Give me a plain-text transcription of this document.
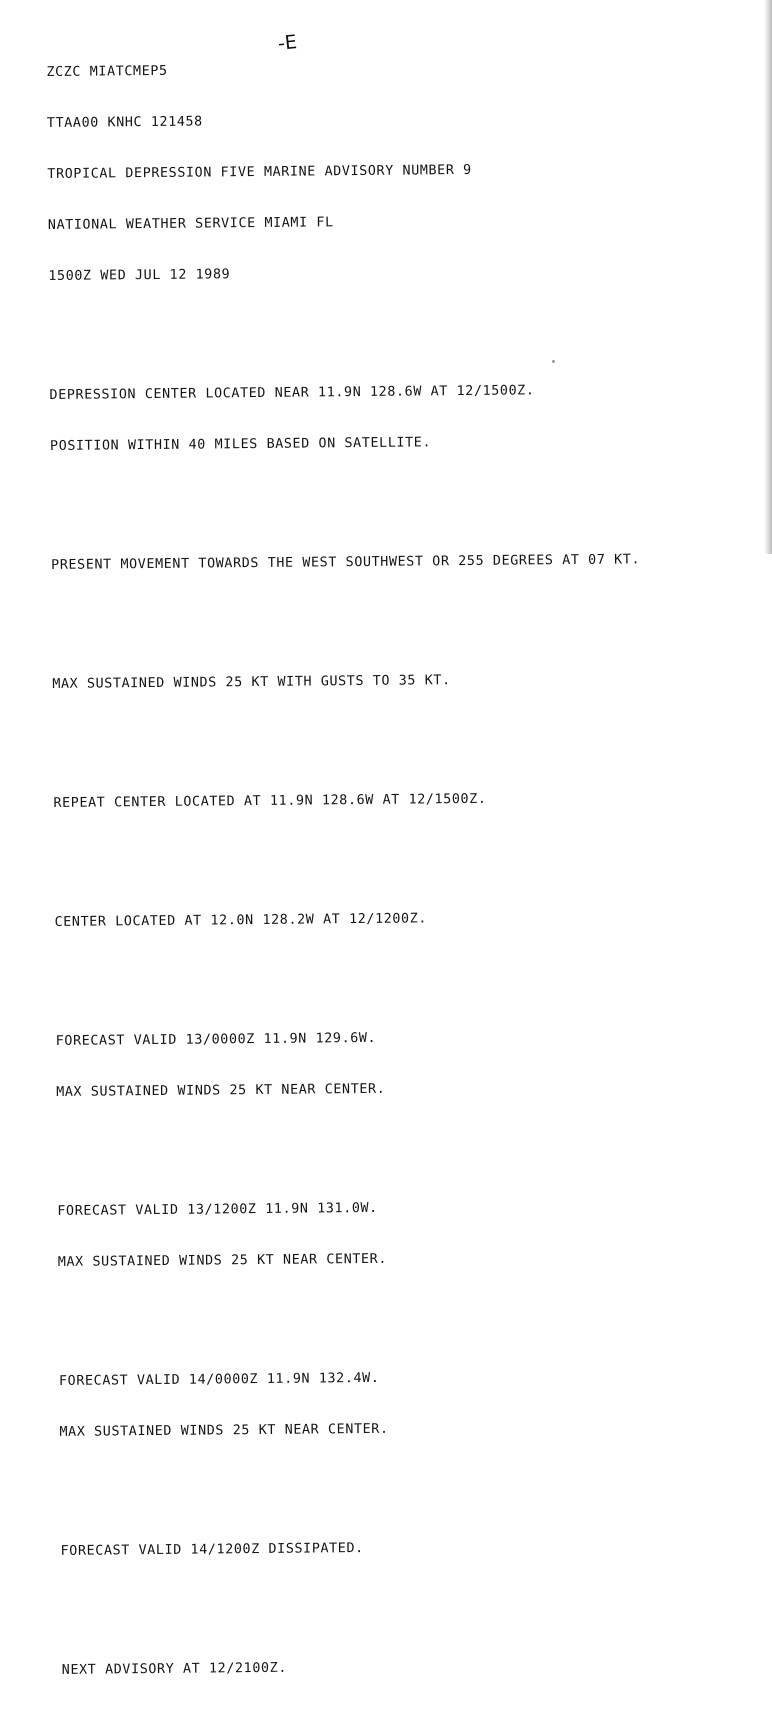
ZCZC MIATCMEP5

TTAA00 KNHC 121458

TROPICAL DEPRESSION FIVE MARINE ADVISORY NUMBER 9

NATIONAL WEATHER SERVICE MIAMI FL

1500Z WED JUL 12 1989

DEPRESSION CENTER LOCATED NEAR 11.9N 128.6W AT 12/1500Z.

POSITION WITHIN 40 MILES BASED ON SATELLITE.

PRESENT MOVEMENT TOWARDS THE WEST SOUTHWEST OR 255 DEGREES AT 07 KT.

MAX SUSTAINED WINDS 25 KT WITH GUSTS TO 35 KT.

REPEAT CENTER LOCATED AT 11.9N 128.6W AT 12/1500Z.

CENTER LOCATED AT 12.0N 128.2W AT 12/1200Z.

FORECAST VALID 13/0000Z 11.9N 129.6W.

MAX SUSTAINED WINDS 25 KT NEAR CENTER.

FORECAST VALID 13/1200Z 11.9N 131.0W.

MAX SUSTAINED WINDS 25 KT NEAR CENTER.

FORECAST VALID 14/0000Z 11.9N 132.4W.

MAX SUSTAINED WINDS 25 KT NEAR CENTER.

FORECAST VALID 14/1200Z DISSIPATED.

NEXT ADVISORY AT 12/2100Z.

-E
